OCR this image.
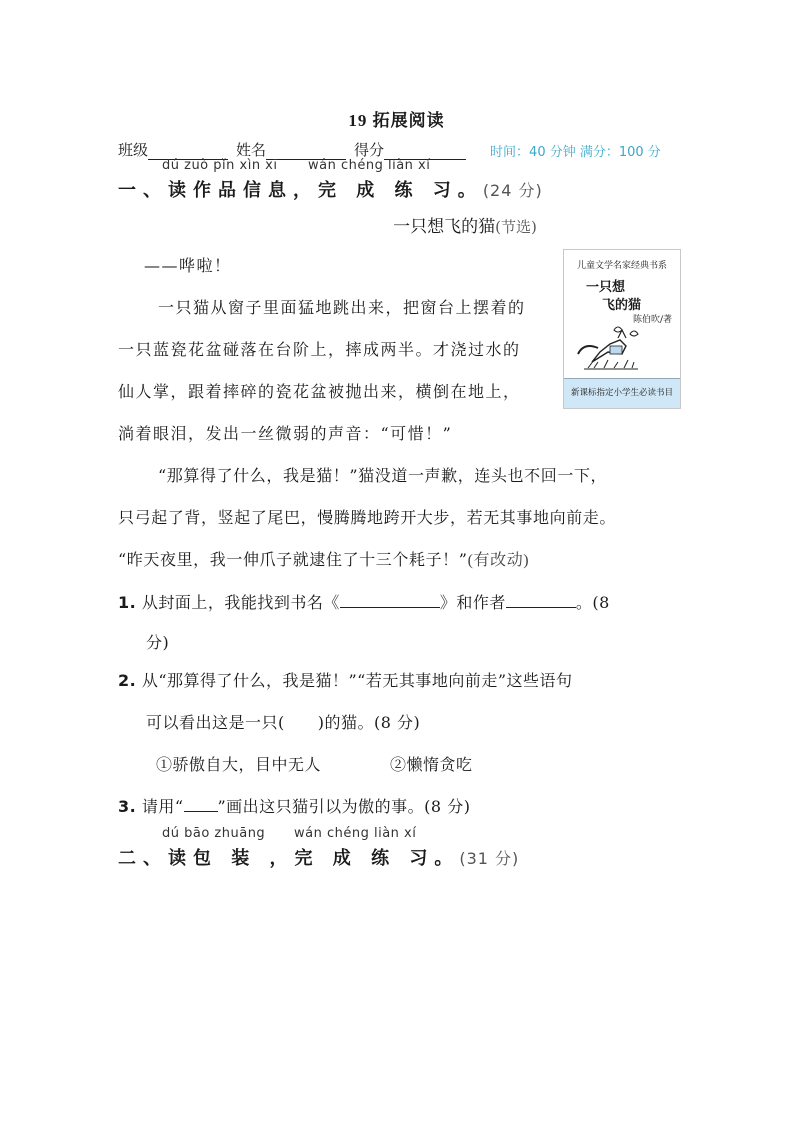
19 拓展阅读
班级	姓名	得分	时间：40 分钟 满分：100 分
dú zuò pǐn xìn xī wán chéng liàn xí
一、读作品信息，完 成 练 习。(24 分)
一只想飞的猫(节选)
——哗啦！
一只猫从窗子里面猛地跳出来，把窗台上摆着的
一只蓝瓷花盆碰落在台阶上，摔成两半。才浇过水的
仙人掌，跟着摔碎的瓷花盆被抛出来，横倒在地上，
淌着眼泪，发出一丝微弱的声音：“可惜！”
“那算得了什么，我是猫！”猫没道一声歉，连头也不回一下，
只弓起了背，竖起了尾巴，慢腾腾地跨开大步，若无其事地向前走。
“昨天夜里，我一伸爪子就逮住了十三个耗子！”(有改动)
儿童文学名家经典书系
一只想
飞的猫
陈伯吹/著
新课标指定小学生必读书目
1. 从封面上，我能找到书名《	》和作者	。(8
分)
2. 从“那算得了什么，我是猫！”“若无其事地向前走”这些语句
可以看出这是一只(　　)的猫。(8 分)
①骄傲自大，目中无人	②懒惰贪吃
3. 请用“ ”画出这只猫引以为傲的事。(8 分)
dú bāo zhuāng wán chéng liàn xí
二、读包 装 ，完 成 练 习。(31 分)
